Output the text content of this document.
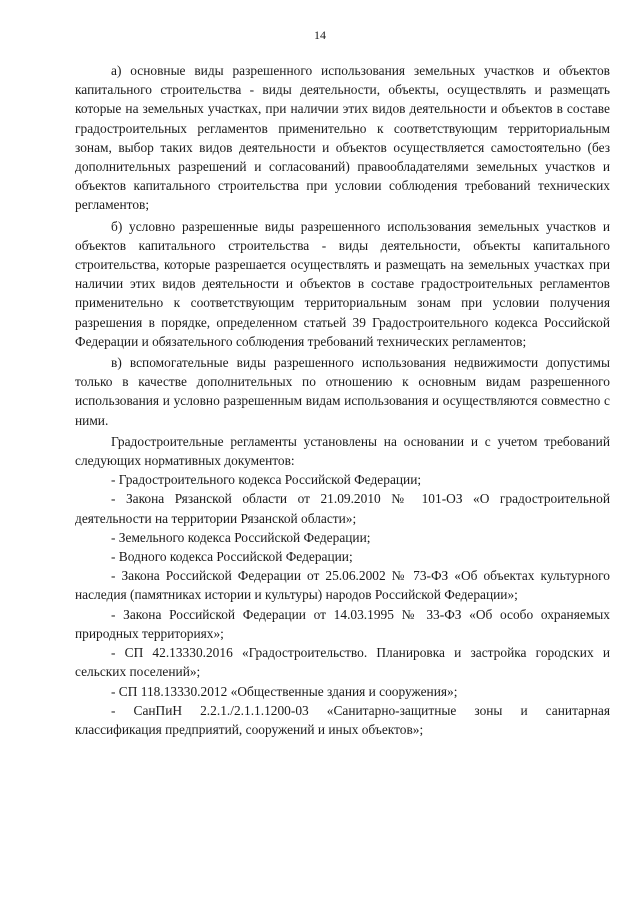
14

а) основные виды разрешенного использования земельных участков и объектов капитального строительства - виды деятельности, объекты, осуществлять и размещать которые на земельных участках, при наличии этих видов деятельности и объектов в составе градостроительных регламентов применительно к соответствующим территориальным зонам, выбор таких видов деятельности и объектов осуществляется самостоятельно (без дополнительных разрешений и согласований) правообладателями земельных участков и объектов капитального строительства при условии соблюдения требований технических регламентов;

б) условно разрешенные виды разрешенного использования земельных участков и объектов капитального строительства - виды деятельности, объекты капитального строительства, которые разрешается осуществлять и размещать на земельных участках при наличии этих видов деятельности и объектов в составе градостроительных регламентов применительно к соответствующим территориальным зонам при условии получения разрешения в порядке, определенном статьей 39 Градостроительного кодекса Российской Федерации и обязательного соблюдения требований технических регламентов;

в) вспомогательные виды разрешенного использования недвижимости допустимы только в качестве дополнительных по отношению к основным видам разрешенного использования и условно разрешенным видам использования и осуществляются совместно с ними.

Градостроительные регламенты установлены на основании и с учетом требований следующих нормативных документов:

- Градостроительного кодекса Российской Федерации;

- Закона Рязанской области от 21.09.2010 № 101-ОЗ «О градостроительной деятельности на территории Рязанской области»;

- Земельного кодекса Российской Федерации;

- Водного кодекса Российской Федерации;

- Закона Российской Федерации от 25.06.2002 № 73-ФЗ «Об объектах культурного наследия (памятниках истории и культуры) народов Российской Федерации»;

- Закона Российской Федерации от 14.03.1995 № 33-ФЗ «Об особо охраняемых природных территориях»;

- СП 42.13330.2016 «Градостроительство. Планировка и застройка городских и сельских поселений»;

- СП 118.13330.2012 «Общественные здания и сооружения»;

- СанПиН 2.2.1./2.1.1.1200-03 «Санитарно-защитные зоны и санитарная классификация предприятий, сооружений и иных объектов»;
